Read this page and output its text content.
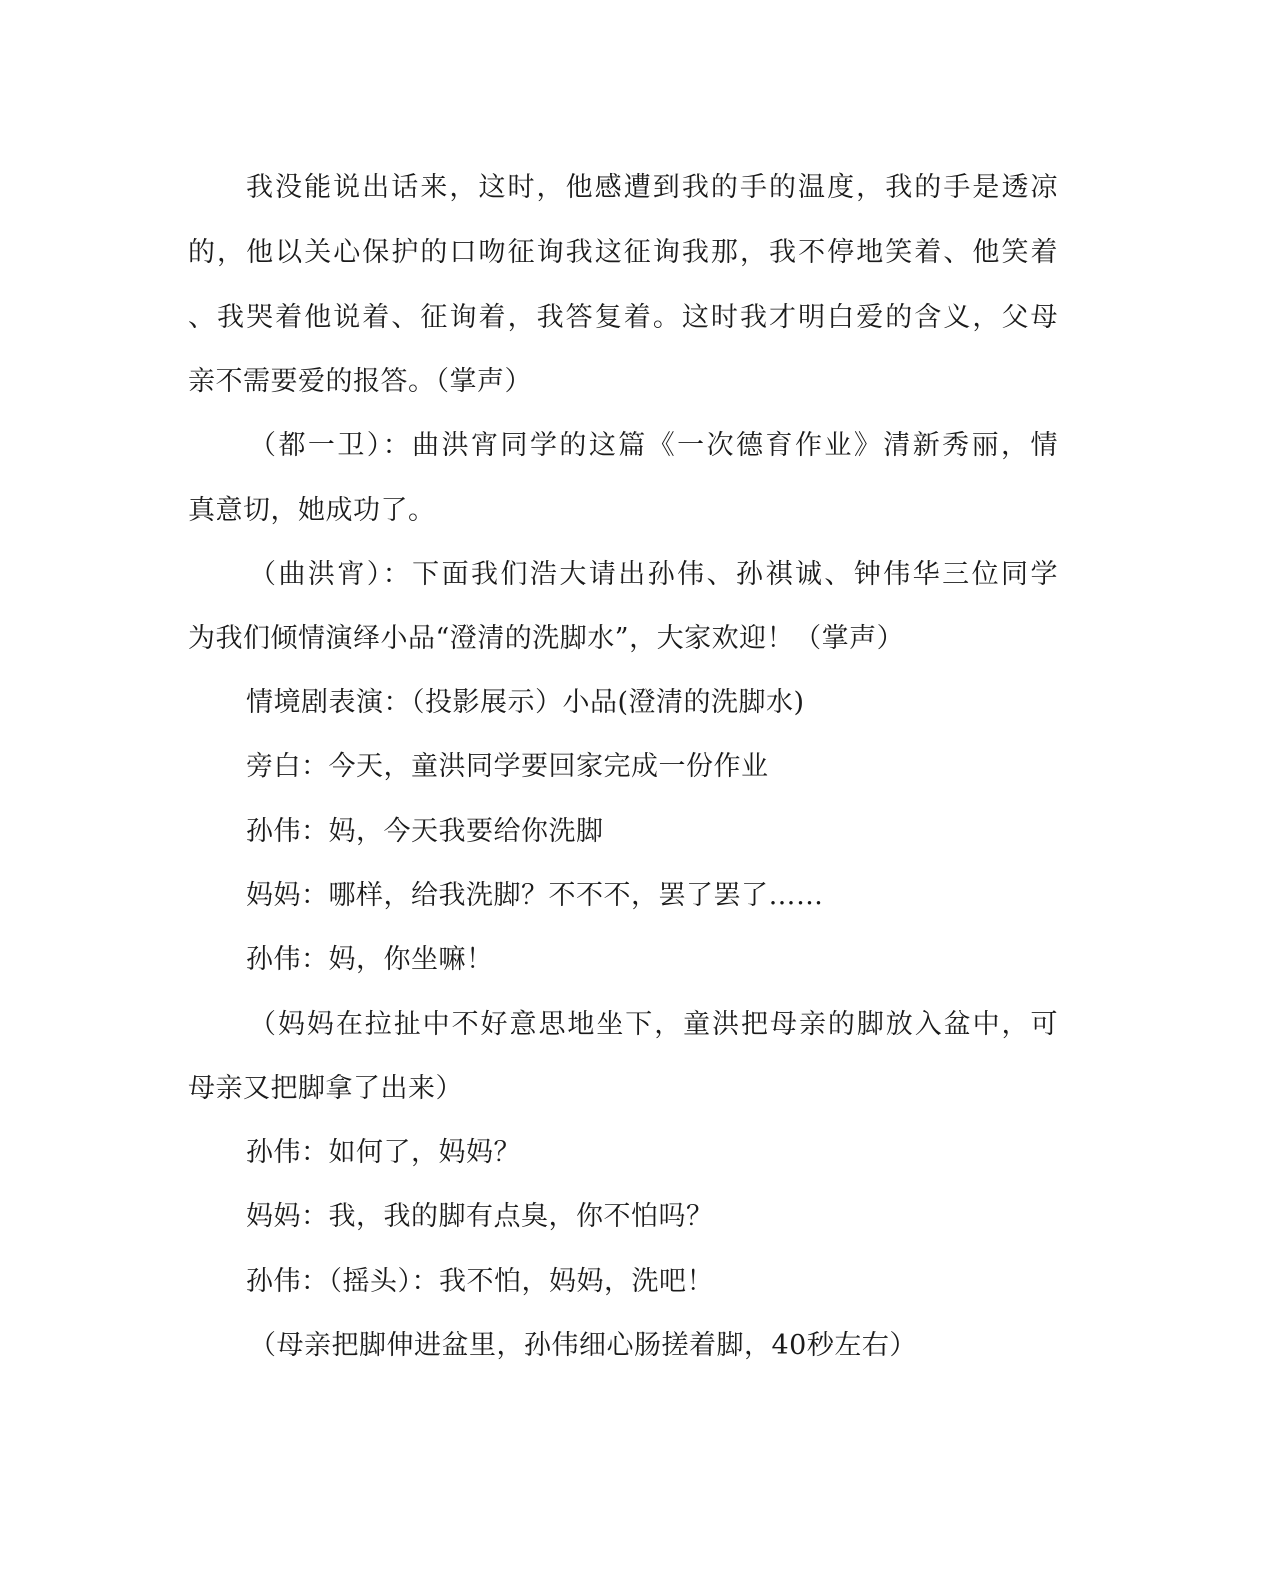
我没能说出话来，这时，他感遭到我的手的温度，我的手是透凉
的，他以关心保护的口吻征询我这征询我那，我不停地笑着、他笑着
、我哭着他说着、征询着，我答复着。这时我才明白爱的含义，父母
亲不需要爱的报答。（掌声）
（都一卫）：曲洪宵同学的这篇《一次德育作业》清新秀丽，情
真意切，她成功了。
（曲洪宵）：下面我们浩大请出孙伟、孙祺诚、钟伟华三位同学
为我们倾情演绎小品“澄清的洗脚水”，大家欢迎！（掌声）
情境剧表演：（投影展示）小品(澄清的洗脚水)
旁白：今天，童洪同学要回家完成一份作业
孙伟：妈，今天我要给你洗脚
妈妈：哪样，给我洗脚？不不不，罢了罢了……
孙伟：妈，你坐嘛！
（妈妈在拉扯中不好意思地坐下，童洪把母亲的脚放入盆中，可
母亲又把脚拿了出来）
孙伟：如何了，妈妈？
妈妈：我，我的脚有点臭，你不怕吗？
孙伟：（摇头）：我不怕，妈妈，洗吧！
（母亲把脚伸进盆里，孙伟细心肠搓着脚，40秒左右）
